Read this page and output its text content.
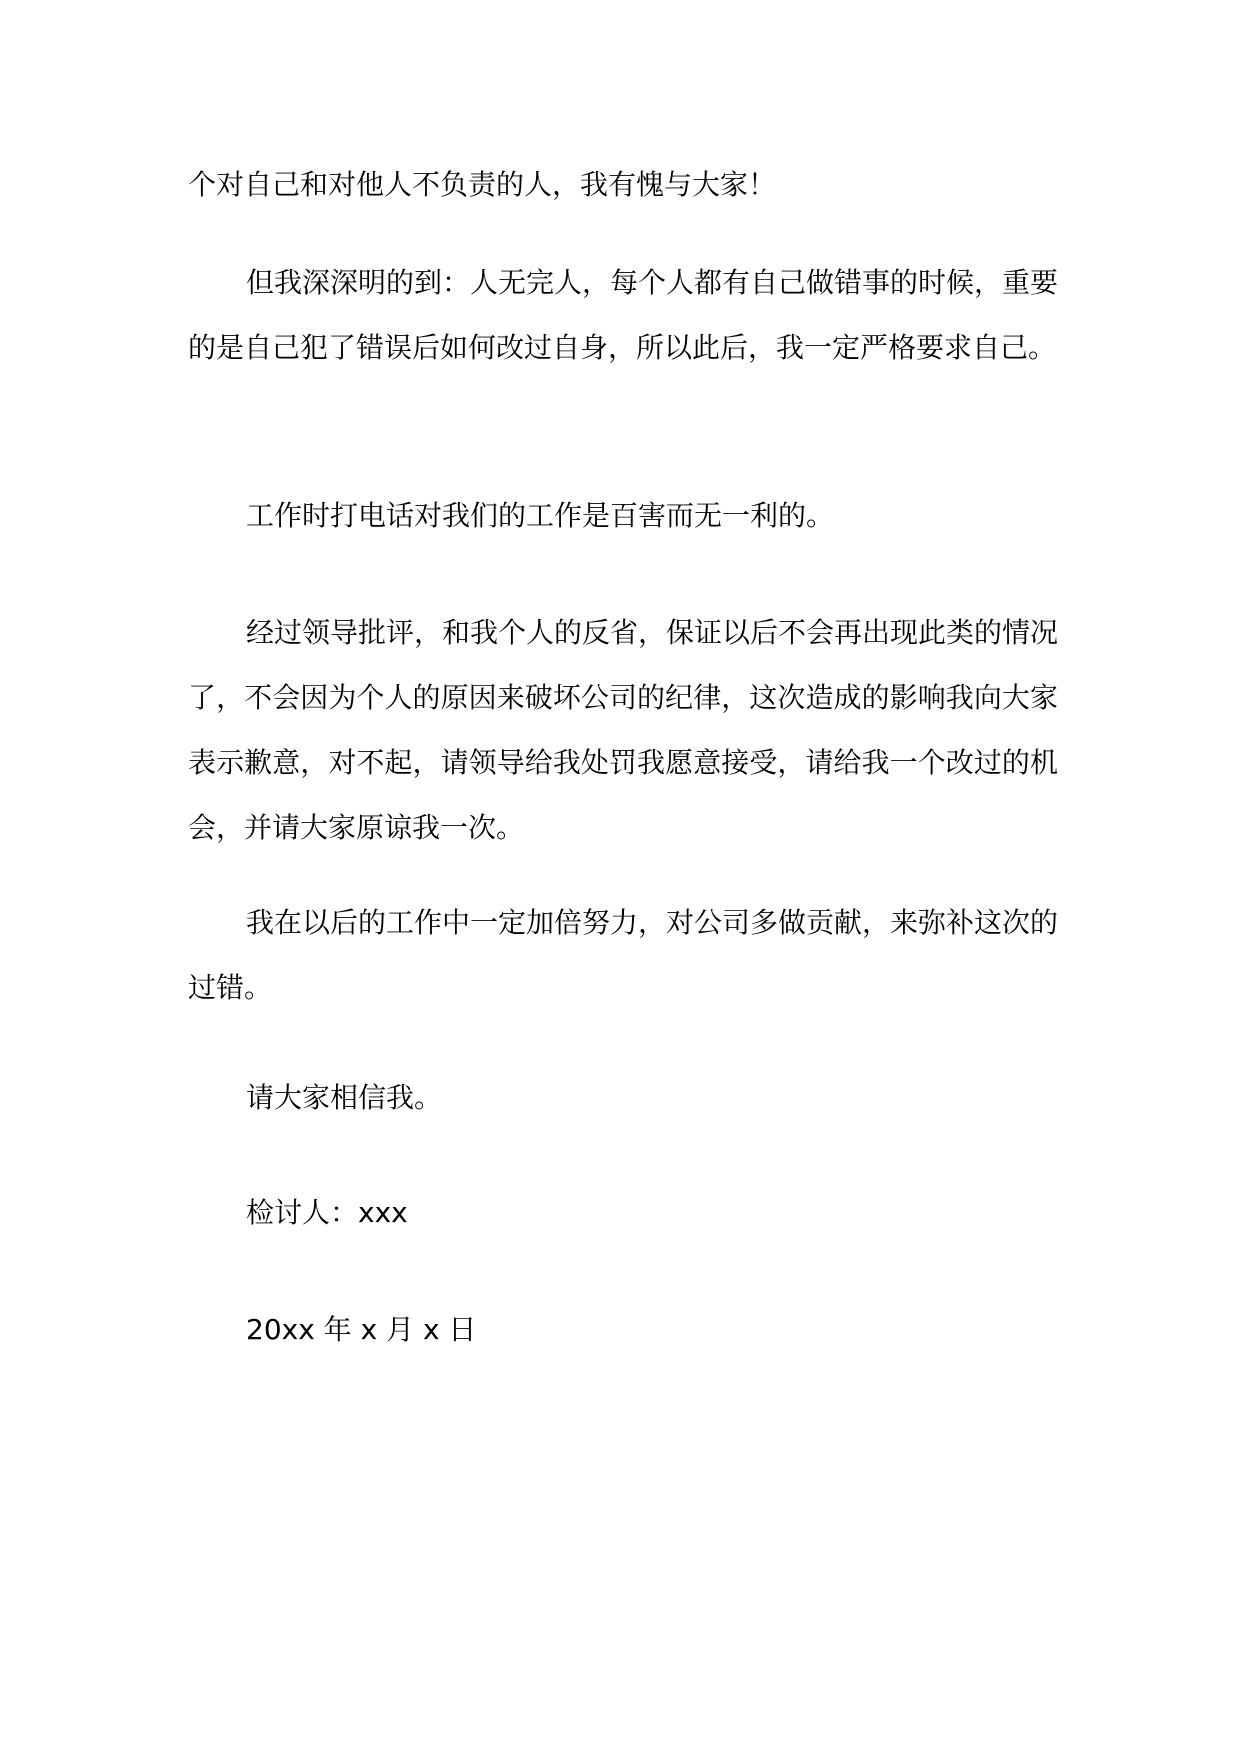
个对自己和对他人不负责的人，我有愧与大家！

但我深深明的到：人无完人，每个人都有自己做错事的时候，重要的是自己犯了错误后如何改过自身，所以此后，我一定严格要求自己。

工作时打电话对我们的工作是百害而无一利的。

经过领导批评，和我个人的反省，保证以后不会再出现此类的情况了，不会因为个人的原因来破坏公司的纪律，这次造成的影响我向大家表示歉意，对不起，请领导给我处罚我愿意接受，请给我一个改过的机会，并请大家原谅我一次。

我在以后的工作中一定加倍努力，对公司多做贡献，来弥补这次的过错。

请大家相信我。

检讨人：xxx

20xx 年 x 月 x 日
